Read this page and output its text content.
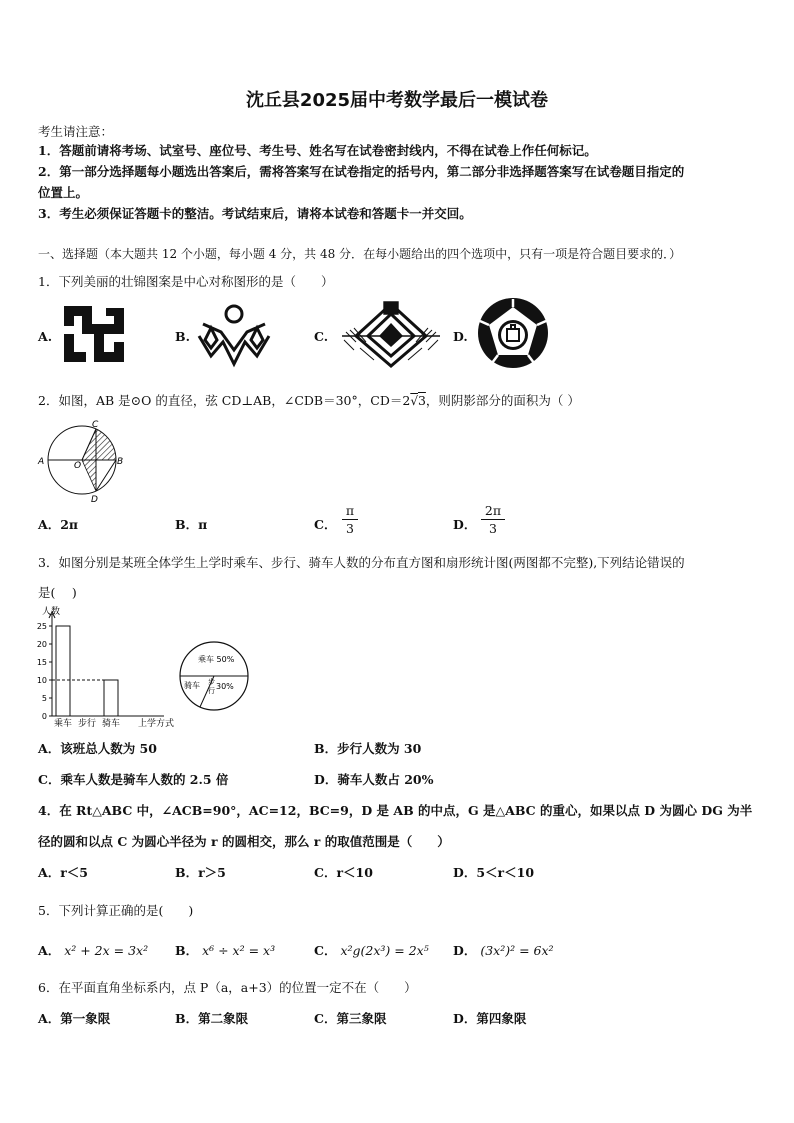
沈丘县2025届中考数学最后一模试卷
考生请注意：
1．答题前请将考场、试室号、座位号、考生号、姓名写在试卷密封线内，不得在试卷上作任何标记。
2．第一部分选择题每小题选出答案后，需将答案写在试卷指定的括号内，第二部分非选择题答案写在试卷题目指定的
位置上。
3．考生必须保证答题卡的整洁。考试结束后，请将本试卷和答题卡一并交回。
一、选择题（本大题共 12 个小题，每小题 4 分，共 48 分．在每小题给出的四个选项中，只有一项是符合题目要求的．）
1．下列美丽的壮锦图案是中心对称图形的是（　　）
A.	B.	C.	D.
2．如图，AB 是⊙O 的直径，弦 CD⊥AB，∠CDB＝30°，CD＝2√3，则阴影部分的面积为（ ）
A	B
C
D
O
A．2π	B．π	C．
π
3	D．
2π
3
3．如图分别是某班全体学生上学时乘车、步行、骑车人数的分布直方图和扇形统计图(两图都不完整),下列结论错误的
是(　 )
0
5
10
15
20
25
乘车 步行 骑车
人数
上学方式
乘车 50%
骑车 30%
步
行
A．该班总人数为 50	B．步行人数为 30
C．乘车人数是骑车人数的 2.5 倍	D．骑车人数占 20%
4．在 Rt△ABC 中，∠ACB=90°，AC=12，BC=9，D 是 AB 的中点，G 是△ABC 的重心，如果以点 D 为圆心 DG 为半
径的圆和以点 C 为圆心半径为 r 的圆相交，那么 r 的取值范围是（　　）
A．r＜5	B．r＞5	C．r＜10	D．5＜r＜10
5．下列计算正确的是(　　)
A． x² + 2x = 3x² B． x⁶ ÷ x² = x³	C． x²g(2x³) = 2x⁵ D． (3x²)² = 6x²
6．在平面直角坐标系内，点 P（a，a+3）的位置一定不在（　　）
A．第一象限	B．第二象限	C．第三象限	D．第四象限
